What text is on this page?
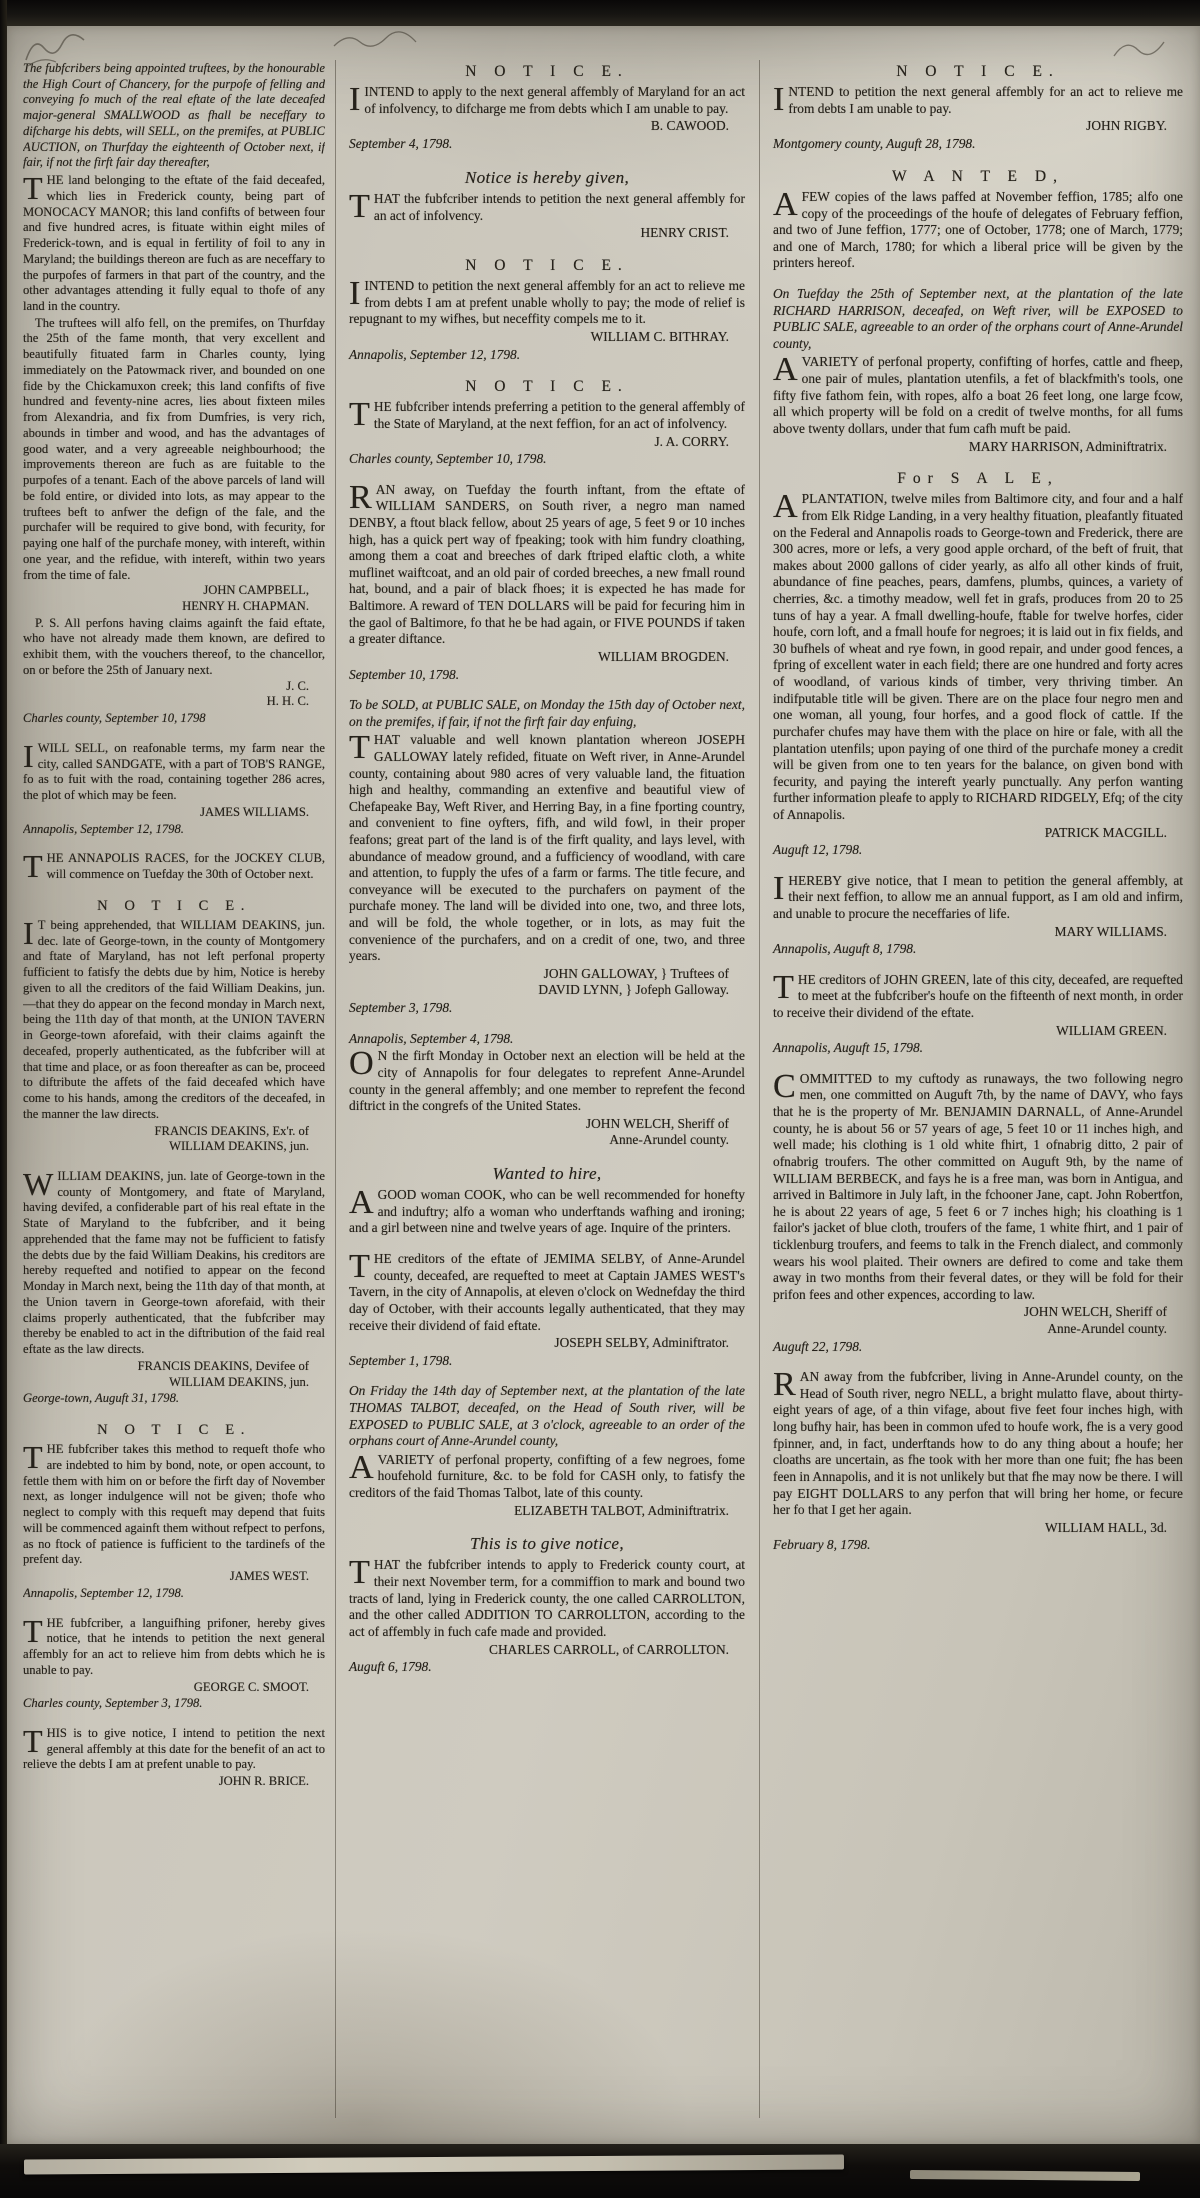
The fubfcribers being appointed truftees, by the honourable the High Court of Chancery, for the purpofe of felling and conveying fo much of the real eftate of the late deceafed major-general SMALLWOOD as fhall be neceffary to difcharge his debts, will SELL, on the premifes, at PUBLIC AUCTION, on Thurfday the eighteenth of October next, if fair, if not the firft fair day thereafter,
THE land belonging to the eftate of the faid deceafed, which lies in Frederick county, being part of MONOCACY MANOR; this land confifts of between four and five hundred acres, is fituate within eight miles of Frederick-town, and is equal in fertility of foil to any in Maryland; the buildings thereon are fuch as are neceffary to the purpofes of farmers in that part of the country, and the other advantages attending it fully equal to thofe of any land in the country.
The truftees will alfo fell, on the premifes, on Thurfday the 25th of the fame month, that very excellent and beautifully fituated farm in Charles county, lying immediately on the Patowmack river, and bounded on one fide by the Chickamuxon creek; this land confifts of five hundred and feventy-nine acres, lies about fixteen miles from Alexandria, and fix from Dumfries, is very rich, abounds in timber and wood, and has the advantages of good water, and a very agreeable neighbourhood; the improvements thereon are fuch as are fuitable to the purpofes of a tenant. Each of the above parcels of land will be fold entire, or divided into lots, as may appear to the truftees beft to anfwer the defign of the fale, and the purchafer will be required to give bond, with fecurity, for paying one half of the purchafe money, with intereft, within one year, and the refidue, with intereft, within two years from the time of fale.
JOHN CAMPBELL,
HENRY H. CHAPMAN.
P. S. All perfons having claims againft the faid eftate, who have not already made them known, are defired to exhibit them, with the vouchers thereof, to the chancellor, on or before the 25th of January next.
J. C.
H. H. C.
Charles county, September 10, 1798
IWILL SELL, on reafonable terms, my farm near the city, called SANDGATE, with a part of TOB'S RANGE, fo as to fuit with the road, containing together 286 acres, the plot of which may be feen.
JAMES WILLIAMS.
Annapolis, September 12, 1798.
THE ANNAPOLIS RACES, for the JOCKEY CLUB, will commence on Tuefday the 30th of October next.
N O T I C E.
I T being apprehended, that WILLIAM DEAKINS, jun. dec. late of George-town, in the county of Montgomery and ftate of Maryland, has not left perfonal property fufficient to fatisfy the debts due by him, Notice is hereby given to all the creditors of the faid William Deakins, jun.—that they do appear on the fecond monday in March next, being the 11th day of that month, at the UNION TAVERN in George-town aforefaid, with their claims againft the deceafed, properly authenticated, as the fubfcriber will at that time and place, or as foon thereafter as can be, proceed to diftribute the affets of the faid deceafed which have come to his hands, among the creditors of the deceafed, in the manner the law directs.
FRANCIS DEAKINS, Ex'r. of
WILLIAM DEAKINS, jun.
WILLIAM DEAKINS, jun. late of George-town in the county of Montgomery, and ftate of Maryland, having devifed, a confiderable part of his real eftate in the State of Maryland to the fubfcriber, and it being apprehended that the fame may not be fufficient to fatisfy the debts due by the faid William Deakins, his creditors are hereby requefted and notified to appear on the fecond Monday in March next, being the 11th day of that month, at the Union tavern in George-town aforefaid, with their claims properly authenticated, that the fubfcriber may thereby be enabled to act in the diftribution of the faid real eftate as the law directs.
FRANCIS DEAKINS, Devifee of
WILLIAM DEAKINS, jun.
George-town, Auguft 31, 1798.
N O T I C E.
THE fubfcriber takes this method to requeft thofe who are indebted to him by bond, note, or open account, to fettle them with him on or before the firft day of November next, as longer indulgence will not be given; thofe who neglect to comply with this requeft may depend that fuits will be commenced againft them without refpect to perfons, as no ftock of patience is fufficient to the tardinefs of the prefent day.
JAMES WEST.
Annapolis, September 12, 1798.
THE fubfcriber, a languifhing prifoner, hereby gives notice, that he intends to petition the next general affembly for an act to relieve him from debts which he is unable to pay.
GEORGE C. SMOOT.
Charles county, September 3, 1798.
THIS is to give notice, I intend to petition the next general affembly at this date for the benefit of an act to relieve the debts I am at prefent unable to pay.
JOHN R. BRICE.
N O T I C E.
IINTEND to apply to the next general affembly of Maryland for an act of infolvency, to difcharge me from debts which I am unable to pay.
B. CAWOOD.
September 4, 1798.
Notice is hereby given,
THAT the fubfcriber intends to petition the next general affembly for an act of infolvency.
HENRY CRIST.
N O T I C E.
IINTEND to petition the next general affembly for an act to relieve me from debts I am at prefent unable wholly to pay; the mode of relief is repugnant to my wifhes, but neceffity compels me to it.
WILLIAM C. BITHRAY.
Annapolis, September 12, 1798.
N O T I C E.
THE fubfcriber intends preferring a petition to the general affembly of the State of Maryland, at the next feffion, for an act of infolvency.
J. A. CORRY.
Charles county, September 10, 1798.
RAN away, on Tuefday the fourth inftant, from the eftate of WILLIAM SANDERS, on South river, a negro man named DENBY, a ftout black fellow, about 25 years of age, 5 feet 9 or 10 inches high, has a quick pert way of fpeaking; took with him fundry cloathing, among them a coat and breeches of dark ftriped elaftic cloth, a white muflinet waiftcoat, and an old pair of corded breeches, a new fmall round hat, bound, and a pair of black fhoes; it is expected he has made for Baltimore. A reward of TEN DOLLARS will be paid for fecuring him in the gaol of Baltimore, fo that he be had again, or FIVE POUNDS if taken a greater diftance.
WILLIAM BROGDEN.
September 10, 1798.
To be SOLD, at PUBLIC SALE, on Monday the 15th day of October next, on the premifes, if fair, if not the firft fair day enfuing,
THAT valuable and well known plantation whereon JOSEPH GALLOWAY lately refided, fituate on Weft river, in Anne-Arundel county, containing about 980 acres of very valuable land, the fituation high and healthy, commanding an extenfive and beautiful view of Chefapeake Bay, Weft River, and Herring Bay, in a fine fporting country, and convenient to fine oyfters, fifh, and wild fowl, in their proper feafons; great part of the land is of the firft quality, and lays level, with abundance of meadow ground, and a fufficiency of woodland, with care and attention, to fupply the ufes of a farm or farms. The title fecure, and conveyance will be executed to the purchafers on payment of the purchafe money. The land will be divided into one, two, and three lots, and will be fold, the whole together, or in lots, as may fuit the convenience of the purchafers, and on a credit of one, two, and three years.
JOHN GALLOWAY, } Truftees of
DAVID LYNN, } Jofeph Galloway.
September 3, 1798.
Annapolis, September 4, 1798.
O N the firft Monday in October next an election will be held at the city of Annapolis for four delegates to reprefent Anne-Arundel county in the general affembly; and one member to reprefent the fecond diftrict in the congrefs of the United States.
JOHN WELCH, Sheriff of
Anne-Arundel county.
Wanted to hire,
AGOOD woman COOK, who can be well recommended for honefty and induftry; alfo a woman who underftands wafhing and ironing; and a girl between nine and twelve years of age. Inquire of the printers.
THE creditors of the eftate of JEMIMA SELBY, of Anne-Arundel county, deceafed, are requefted to meet at Captain JAMES WEST's Tavern, in the city of Annapolis, at eleven o'clock on Wednefday the third day of October, with their accounts legally authenticated, that they may receive their dividend of faid eftate.
JOSEPH SELBY, Adminiftrator.
September 1, 1798.
On Friday the 14th day of September next, at the plantation of the late THOMAS TALBOT, deceafed, on the Head of South river, will be EXPOSED to PUBLIC SALE, at 3 o'clock, agreeable to an order of the orphans court of Anne-Arundel county,
AVARIETY of perfonal property, confifting of a few negroes, fome houfehold furniture, &c. to be fold for CASH only, to fatisfy the creditors of the faid Thomas Talbot, late of this county.
ELIZABETH TALBOT, Adminiftratrix.
This is to give notice,
THAT the fubfcriber intends to apply to Frederick county court, at their next November term, for a commiffion to mark and bound two tracts of land, lying in Frederick county, the one called CARROLLTON, and the other called ADDITION TO CARROLLTON, according to the act of affembly in fuch cafe made and provided.
CHARLES CARROLL, of CARROLLTON.
Auguft 6, 1798.
N O T I C E.
INTEND to petition the next general affembly for an act to relieve me from debts I am unable to pay.
JOHN RIGBY.
Montgomery county, Auguft 28, 1798.
W A N T E D,
AFEW copies of the laws paffed at November feffion, 1785; alfo one copy of the proceedings of the houfe of delegates of February feffion, and two of June feffion, 1777; one of October, 1778; one of March, 1779; and one of March, 1780; for which a liberal price will be given by the printers hereof.
On Tuefday the 25th of September next, at the plantation of the late RICHARD HARRISON, deceafed, on Weft river, will be EXPOSED to PUBLIC SALE, agreeable to an order of the orphans court of Anne-Arundel county,
AVARIETY of perfonal property, confifting of horfes, cattle and fheep, one pair of mules, plantation utenfils, a fet of blackfmith's tools, one fifty five fathom fein, with ropes, alfo a boat 26 feet long, one large fcow, all which property will be fold on a credit of twelve months, for all fums above twenty dollars, under that fum cafh muft be paid.
MARY HARRISON, Adminiftratrix.
For S A L E,
APLANTATION, twelve miles from Baltimore city, and four and a half from Elk Ridge Landing, in a very healthy fituation, pleafantly fituated on the Federal and Annapolis roads to George-town and Frederick, there are 300 acres, more or lefs, a very good apple orchard, of the beft of fruit, that makes about 2000 gallons of cider yearly, as alfo all other kinds of fruit, abundance of fine peaches, pears, damfens, plumbs, quinces, a variety of cherries, &c. a timothy meadow, well fet in grafs, produces from 20 to 25 tuns of hay a year. A fmall dwelling-houfe, ftable for twelve horfes, cider houfe, corn loft, and a fmall houfe for negroes; it is laid out in fix fields, and 30 bufhels of wheat and rye fown, in good repair, and under good fences, a fpring of excellent water in each field; there are one hundred and forty acres of woodland, of various kinds of timber, very thriving timber. An indifputable title will be given. There are on the place four negro men and one woman, all young, four horfes, and a good flock of cattle. If the purchafer chufes may have them with the place on hire or fale, with all the plantation utenfils; upon paying of one third of the purchafe money a credit will be given from one to ten years for the balance, on given bond with fecurity, and paying the intereft yearly punctually. Any perfon wanting further information pleafe to apply to RICHARD RIDGELY, Efq; of the city of Annapolis.
PATRICK MACGILL.
Auguft 12, 1798.
IHEREBY give notice, that I mean to petition the general affembly, at their next feffion, to allow me an annual fupport, as I am old and infirm, and unable to procure the neceffaries of life.
MARY WILLIAMS.
Annapolis, Auguft 8, 1798.
THE creditors of JOHN GREEN, late of this city, deceafed, are requefted to meet at the fubfcriber's houfe on the fifteenth of next month, in order to receive their dividend of the eftate.
WILLIAM GREEN.
Annapolis, Auguft 15, 1798.
COMMITTED to my cuftody as runaways, the two following negro men, one committed on Auguft 7th, by the name of DAVY, who fays that he is the property of Mr. BENJAMIN DARNALL, of Anne-Arundel county, he is about 56 or 57 years of age, 5 feet 10 or 11 inches high, and well made; his clothing is 1 old white fhirt, 1 ofnabrig ditto, 2 pair of ofnabrig troufers. The other committed on Auguft 9th, by the name of WILLIAM BERBECK, and fays he is a free man, was born in Antigua, and arrived in Baltimore in July laft, in the fchooner Jane, capt. John Robertfon, he is about 22 years of age, 5 feet 6 or 7 inches high; his cloathing is 1 failor's jacket of blue cloth, troufers of the fame, 1 white fhirt, and 1 pair of ticklenburg troufers, and feems to talk in the French dialect, and commonly wears his wool plaited. Their owners are defired to come and take them away in two months from their feveral dates, or they will be fold for their prifon fees and other expences, according to law.
JOHN WELCH, Sheriff of
Anne-Arundel county.
Auguft 22, 1798.
RAN away from the fubfcriber, living in Anne-Arundel county, on the Head of South river, negro NELL, a bright mulatto flave, about thirty-eight years of age, of a thin vifage, about five feet four inches high, with long bufhy hair, has been in common ufed to houfe work, fhe is a very good fpinner, and, in fact, underftands how to do any thing about a houfe; her cloaths are uncertain, as fhe took with her more than one fuit; fhe has been feen in Annapolis, and it is not unlikely but that fhe may now be there. I will pay EIGHT DOLLARS to any perfon that will bring her home, or fecure her fo that I get her again.
WILLIAM HALL, 3d.
February 8, 1798.
